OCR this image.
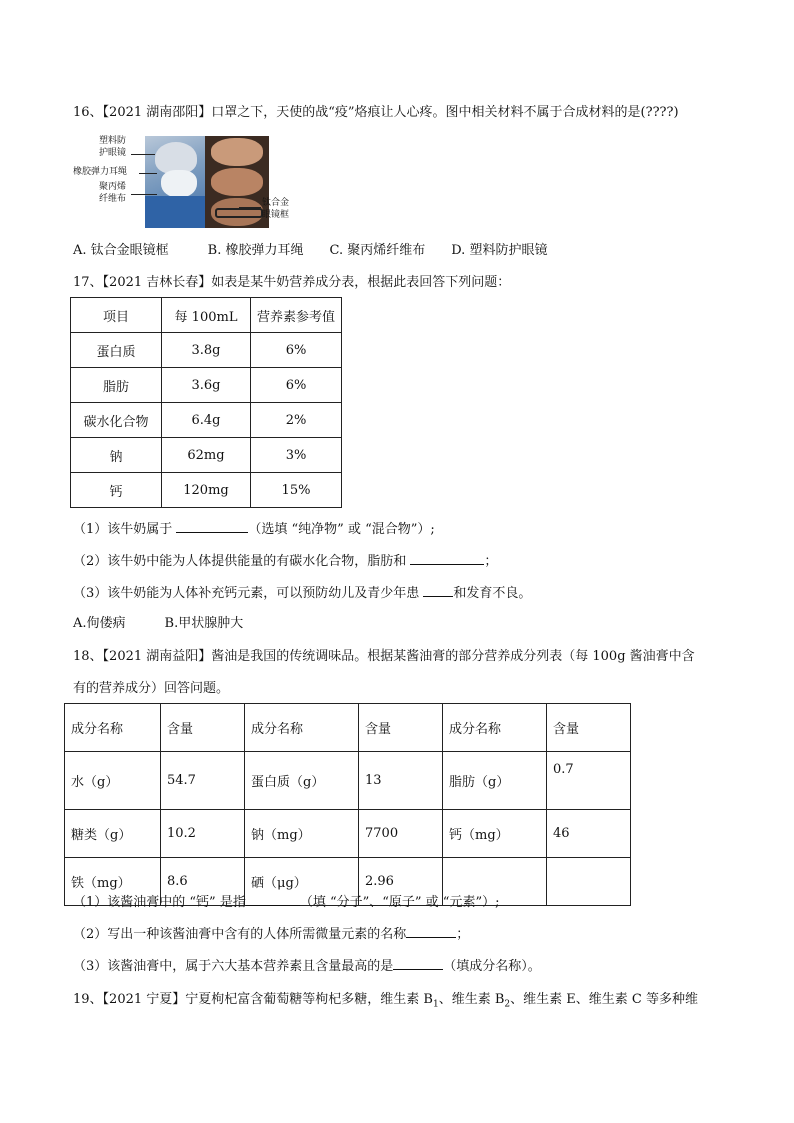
16、【2021 湖南邵阳】口罩之下，天使的战“疫”烙痕让人心疼。图中相关材料不属于合成材料的是(????)
塑料防
护眼镜
橡胶弹力耳绳
聚丙烯
纤维布	钛合金
眼镜框
A. 钛合金眼镜框　　　B. 橡胶弹力耳绳　　C. 聚丙烯纤维布　　D. 塑料防护眼镜
17、【2021 吉林长春】如表是某牛奶营养成分表，根据此表回答下列问题：
项目	每 100mL	营养素参考值
蛋白质	3.8g	6%
脂肪	3.6g	6%
碳水化合物	6.4g	2%
钠	62mg	3%
钙	120mg	15%
（1）该牛奶属于	（选填 “纯净物” 或 “混合物”）;
（2）该牛奶中能为人体提供能量的有碳水化合物，脂肪和	；
（3）该牛奶能为人体补充钙元素，可以预防幼儿及青少年患 和发育不良。
A.佝偻病　　　B.甲状腺肿大
18、【2021 湖南益阳】酱油是我国的传统调味品。根据某酱油膏的部分营养成分列表（每 100g 酱油膏中含
有的营养成分）回答问题。
成分名称	含量	成分名称	含量	成分名称	含量
水（g）	54.7	蛋白质（g）	13	脂肪（g）	0.7
糖类（g）	10.2	钠（mg）	7700	钙（mg）	46
铁（mg）	8.6	硒（μg）	2.96		
（1）该酱油膏中的 “钙” 是指	（填 “分子”、“原子” 或 “元素”）;
（2）写出一种该酱油膏中含有的人体所需微量元素的名称	；
（3）该酱油膏中，属于六大基本营养素且含量最高的是	（填成分名称）。
19、【2021 宁夏】宁夏枸杞富含葡萄糖等枸杞多糖，维生素 $B_1$、维生素 $B_2$、维生素 E、维生素 C 等多种维
